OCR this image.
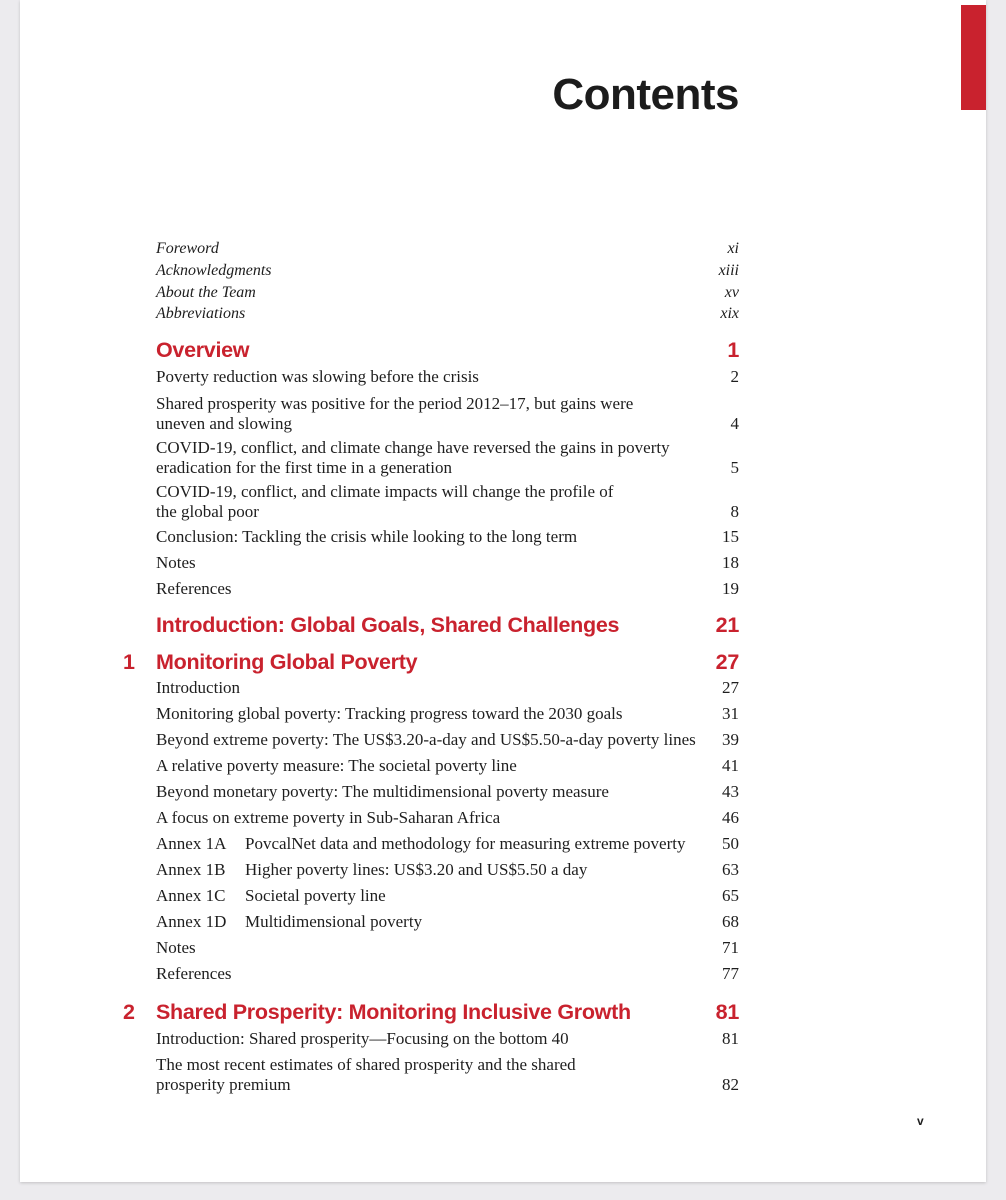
Contents
Foreword	xi
Acknowledgments	xiii
About the Team	xv
Abbreviations	xix
Overview	1
Poverty reduction was slowing before the crisis	2
Shared prosperity was positive for the period 2012–17, but gains were
uneven and slowing	4
COVID-19, conflict, and climate change have reversed the gains in poverty
eradication for the first time in a generation	5
COVID-19, conflict, and climate impacts will change the profile of
the global poor	8
Conclusion: Tackling the crisis while looking to the long term	15
Notes	18
References	19
Introduction: Global Goals, Shared Challenges	21
1 Monitoring Global Poverty	27
Introduction	27
Monitoring global poverty: Tracking progress toward the 2030 goals	31
Beyond extreme poverty: The US$3.20-a-day and US$5.50-a-day poverty lines	39
A relative poverty measure: The societal poverty line	41
Beyond monetary poverty: The multidimensional poverty measure	43
A focus on extreme poverty in Sub-Saharan Africa	46
Annex 1A PovcalNet data and methodology for measuring extreme poverty	50
Annex 1B Higher poverty lines: US$3.20 and US$5.50 a day	63
Annex 1C Societal poverty line	65
Annex 1D Multidimensional poverty	68
Notes	71
References	77
2 Shared Prosperity: Monitoring Inclusive Growth	81
Introduction: Shared prosperity—Focusing on the bottom 40	81
The most recent estimates of shared prosperity and the shared
prosperity premium	82
v
